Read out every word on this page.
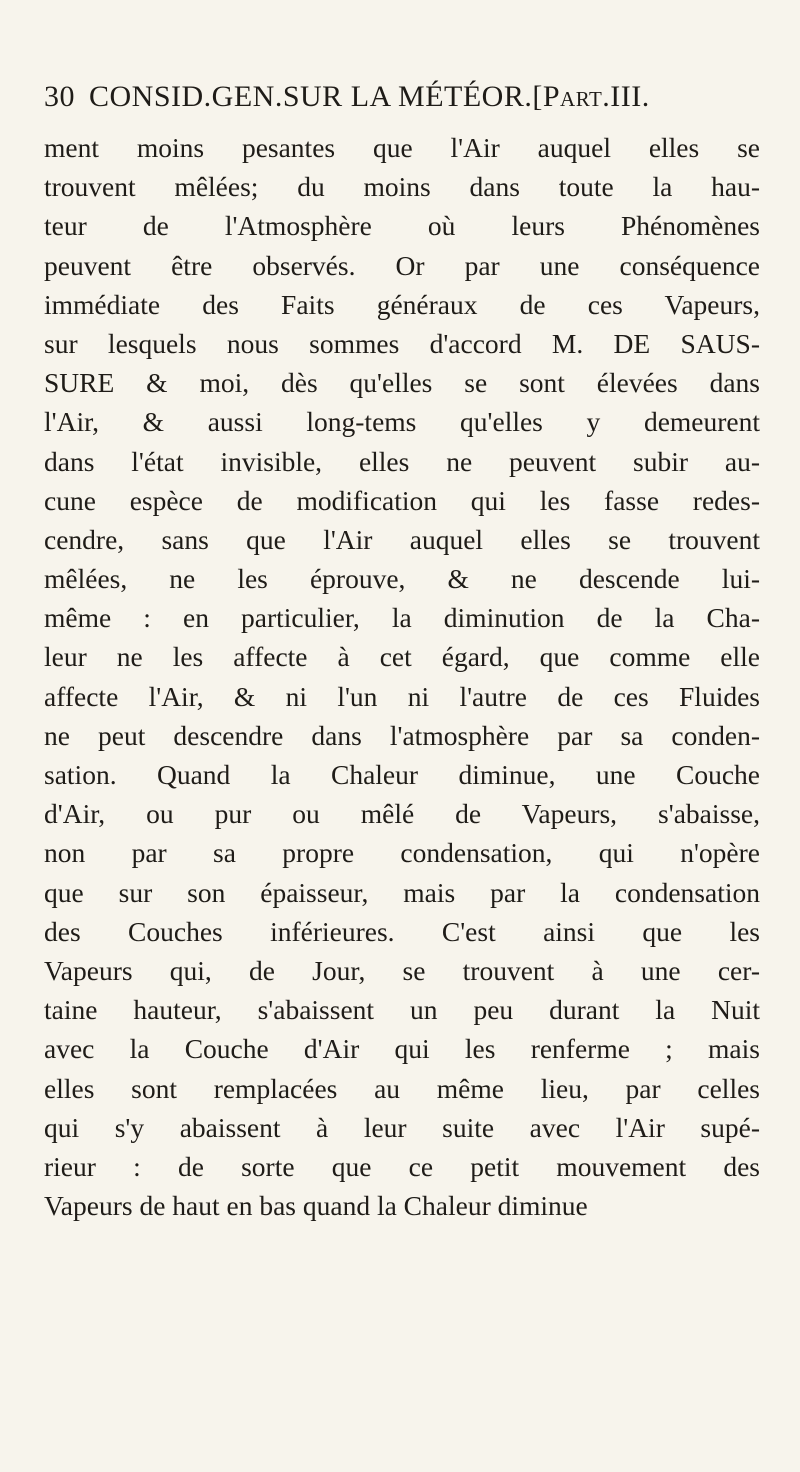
30 CONSID.GEN.SUR LA MÉTÉOR.[Part.III.
ment moins pesantes que l'Air auquel elles se
trouvent mêlées; du moins dans toute la hau-
teur de l'Atmosphère où leurs Phénomènes
peuvent être observés. Or par une conséquence
immédiate des Faits généraux de ces Vapeurs,
sur lesquels nous sommes d'accord M. DE SAUS-
SURE & moi, dès qu'elles se sont élevées dans
l'Air, & aussi long-tems qu'elles y demeurent
dans l'état invisible, elles ne peuvent subir au-
cune espèce de modification qui les fasse redes-
cendre, sans que l'Air auquel elles se trouvent
mêlées, ne les éprouve, & ne descende lui-
même : en particulier, la diminution de la Cha-
leur ne les affecte à cet égard, que comme elle
affecte l'Air, & ni l'un ni l'autre de ces Fluides
ne peut descendre dans l'atmosphère par sa conden-
sation. Quand la Chaleur diminue, une Couche
d'Air, ou pur ou mêlé de Vapeurs, s'abaisse,
non par sa propre condensation, qui n'opère
que sur son épaisseur, mais par la condensation
des Couches inférieures. C'est ainsi que les
Vapeurs qui, de Jour, se trouvent à une cer-
taine hauteur, s'abaissent un peu durant la Nuit
avec la Couche d'Air qui les renferme ; mais
elles sont remplacées au même lieu, par celles
qui s'y abaissent à leur suite avec l'Air supé-
rieur : de sorte que ce petit mouvement des
Vapeurs de haut en bas quand la Chaleur diminue
